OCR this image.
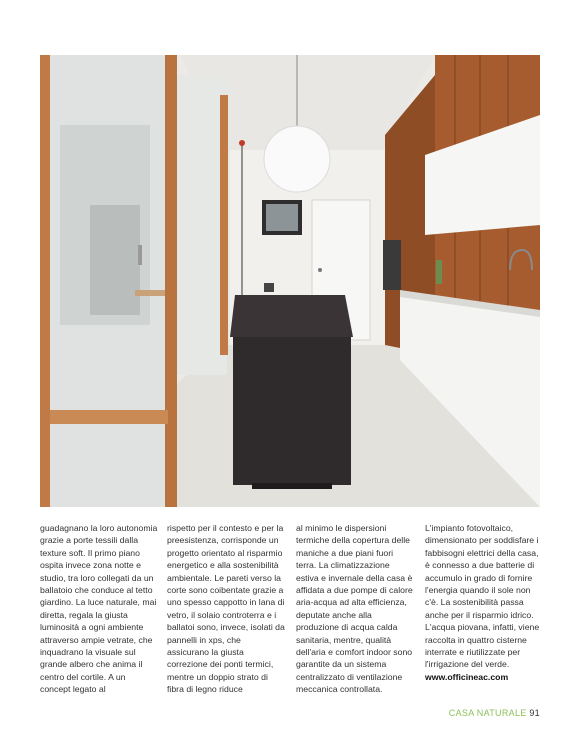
guadagnano la loro autonomia grazie a porte tessili dalla texture soft. Il primo piano ospita invece zona notte e studio, tra loro collegati da un ballatoio che conduce al tetto giardino. La luce naturale, mai diretta, regala la giusta luminosità a ogni ambiente attraverso ampie vetrate, che inquadrano la visuale sul grande albero che anima il centro del cortile. A un concept legato al

rispetto per il contesto e per la preesistenza, corrisponde un progetto orientato al risparmio energetico e alla sostenibilità ambientale. Le pareti verso la corte sono coibentate grazie a uno spesso cappotto in lana di vetro, il solaio controterra e i ballatoi sono, invece, isolati da pannelli in xps, che assicurano la giusta correzione dei ponti termici, mentre un doppio strato di fibra di legno riduce

al minimo le dispersioni termiche della copertura delle maniche a due piani fuori terra. La climatizzazione estiva e invernale della casa è affidata a due pompe di calore aria-acqua ad alta efficienza, deputate anche alla produzione di acqua calda sanitaria, mentre, qualità dell'aria e comfort indoor sono garantite da un sistema centralizzato di ventilazione meccanica controllata.

L'impianto fotovoltaico, dimensionato per soddisfare i fabbisogni elettrici della casa, è connesso a due batterie di accumulo in grado di fornire l'energia quando il sole non c'è. La sostenibilità passa anche per il risparmio idrico. L'acqua piovana, infatti, viene raccolta in quattro cisterne interrate e riutilizzate per l'irrigazione del verde.

www.officineac.com

CASA NATURALE 91
